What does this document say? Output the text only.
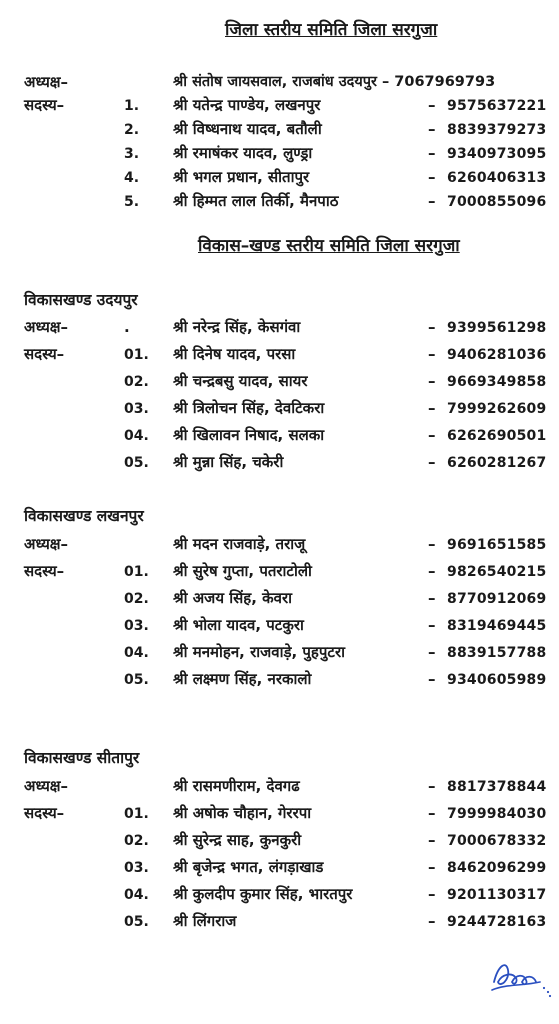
जिला स्तरीय समिति जिला सरगुजा
अध्यक्ष–	श्री संतोष जायसवाल, राजबांध उदयपुर – 7067969793
सदस्य–	1. श्री यतेन्द्र पाण्डेय, लखनपुर	– 9575637221
2. श्री विष्धनाथ यादव, बतौली	– 8839379273
3. श्री रमाषंकर यादव, लुण्ड्रा	– 9340973095
4. श्री भगल प्रधान, सीतापुर	– 6260406313
5. श्री हिम्मत लाल तिर्की, मैनपाठ	– 7000855096
विकास–खण्ड स्तरीय समिति जिला सरगुजा
विकासखण्ड उदयपुर
अध्यक्ष–	.	श्री नरेन्द्र सिंह, केसगंवा	– 9399561298
सदस्य–	01. श्री दिनेष यादव, परसा	– 9406281036
02. श्री चन्द्रबसु यादव, सायर	– 9669349858
03. श्री त्रिलोचन सिंह, देवटिकरा	– 7999262609
04. श्री खिलावन निषाद, सलका	– 6262690501
05. श्री मुन्ना सिंह, चकेरी	– 6260281267
विकासखण्ड लखनपुर
अध्यक्ष–	श्री मदन राजवाड़े, तराजू	– 9691651585
सदस्य–	01. श्री सुरेष गुप्ता, पतराटोली	– 9826540215
02. श्री अजय सिंह, केवरा	– 8770912069
03. श्री भोला यादव, पटकुरा	– 8319469445
04. श्री मनमोहन, राजवाड़े, पुहपुटरा	– 8839157788
05. श्री लक्ष्मण सिंह, नरकालो	– 9340605989
विकासखण्ड सीतापुर
अध्यक्ष–	श्री रासमणीराम, देवगढ	– 8817378844
सदस्य–	01. श्री अषोक चौहान, गेररपा	– 7999984030
02. श्री सुरेन्द्र साह, कुनकुरी	– 7000678332
03. श्री बृजेन्द्र भगत, लंगड़ाखाड	– 8462096299
04. श्री कुलदीप कुमार सिंह, भारतपुर	– 9201130317
05. श्री लिंगराज	– 9244728163
